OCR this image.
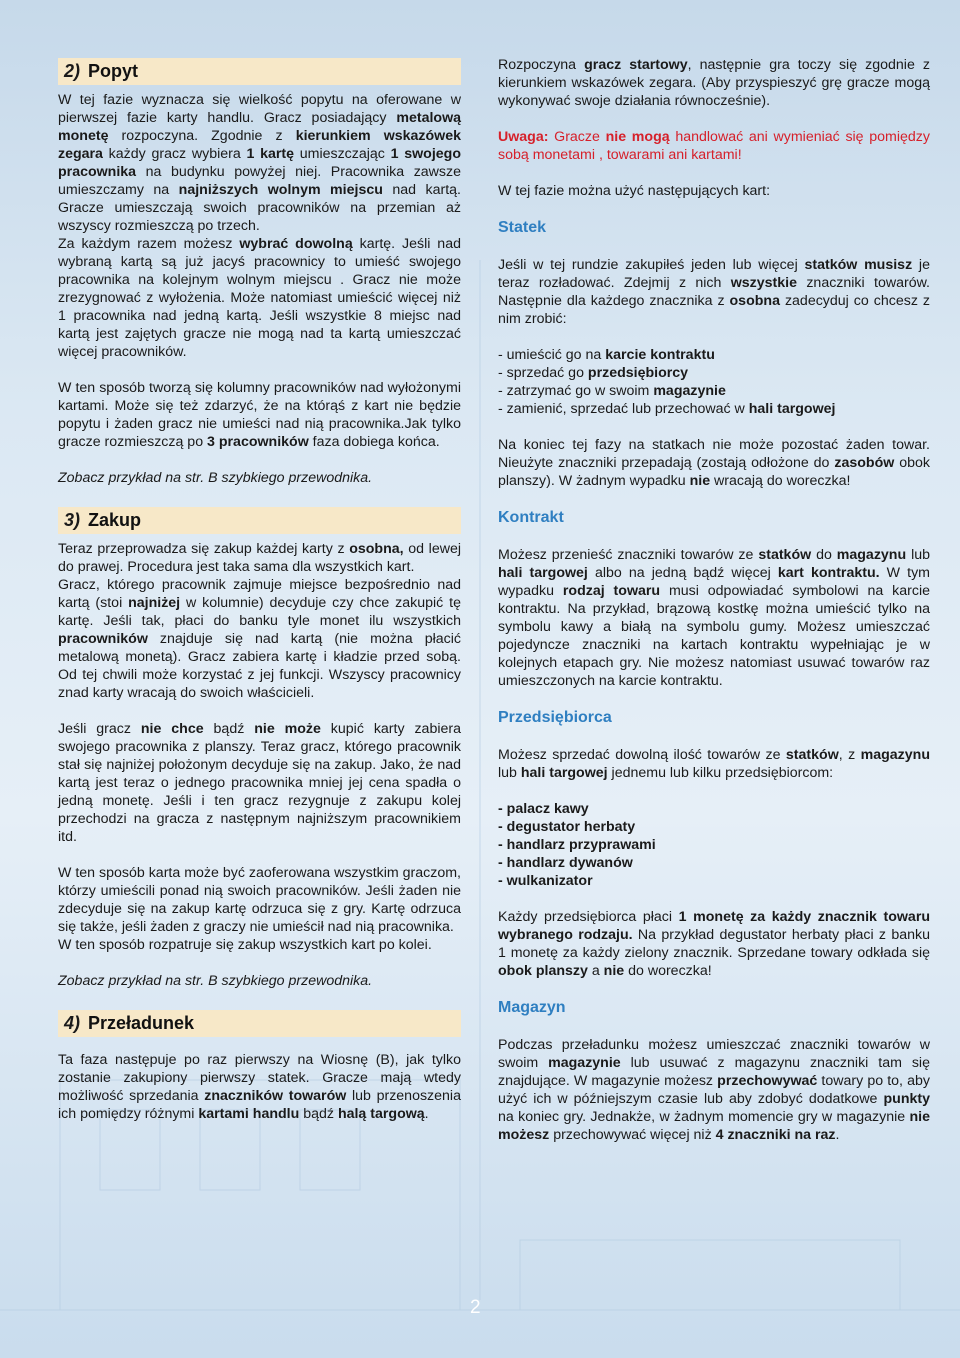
2) Popyt

W tej fazie wyznacza się wielkość popytu na oferowane w pierwszej fazie karty handlu. Gracz posiadający metalową monetę rozpoczyna. Zgodnie z kierunkiem wskazówek zegara każdy gracz wybiera 1 kartę umieszczając 1 swojego pracownika na budynku powyżej niej. Pracownika zawsze umieszczamy na najniższych wolnym miejscu nad kartą. Gracze umieszczają swoich pracowników na przemian aż wszyscy rozmieszczą po trzech.

Za każdym razem możesz wybrać dowolną kartę. Jeśli nad wybraną kartą są już jacyś pracownicy to umieść swojego pracownika na kolejnym wolnym miejscu . Gracz nie może zrezygnować z wyłożenia. Może natomiast umieścić więcej niż 1 pracownika nad jedną kartą. Jeśli wszystkie 8 miejsc nad kartą jest zajętych gracze nie mogą nad ta kartą umieszczać więcej pracowników.

W ten sposób tworzą się kolumny pracowników nad wyłożonymi kartami. Może się też zdarzyć, że na którąś z kart nie będzie popytu i żaden gracz nie umieści nad nią pracownika.Jak tylko gracze rozmieszczą po 3 pracowników faza dobiega końca.

Zobacz przykład na str. B szybkiego przewodnika.

3) Zakup

Teraz przeprowadza się zakup każdej karty z osobna, od lewej do prawej. Procedura jest taka sama dla wszystkich kart.

Gracz, którego pracownik zajmuje miejsce bezpośrednio nad kartą (stoi najniżej w kolumnie) decyduje czy chce zakupić tę kartę. Jeśli tak, płaci do banku tyle monet ilu wszystkich pracowników znajduje się nad kartą (nie można płacić metalową monetą). Gracz zabiera kartę i kładzie przed sobą. Od tej chwili może korzystać z jej funkcji. Wszyscy pracownicy znad karty wracają do swoich właścicieli.

Jeśli gracz nie chce bądź nie może kupić karty zabiera swojego pracownika z planszy. Teraz gracz, którego pracownik stał się najniżej położonym decyduje się na zakup. Jako, że nad kartą jest teraz o jednego pracownika mniej jej cena spadła o jedną monetę. Jeśli i ten gracz rezygnuje z zakupu kolej przechodzi na gracza z następnym najniższym pracownikiem itd.

W ten sposób karta może być zaoferowana wszystkim graczom, którzy umieścili ponad nią swoich pracowników. Jeśli żaden nie zdecyduje się na zakup kartę odrzuca się z gry. Kartę odrzuca się także, jeśli żaden z graczy nie umieścił nad nią pracownika.

W ten sposób rozpatruje się zakup wszystkich kart po kolei.

Zobacz przykład na str. B szybkiego przewodnika.

4) Przeładunek

Ta faza następuje po raz pierwszy na Wiosnę (B), jak tylko zostanie zakupiony pierwszy statek. Gracze mają wtedy możliwość sprzedania znaczników towarów lub przenoszenia ich pomiędzy różnymi kartami handlu bądź halą targową.

Rozpoczyna gracz startowy, następnie gra toczy się zgodnie z kierunkiem wskazówek zegara. (Aby przyspieszyć grę gracze mogą wykonywać swoje działania równocześnie).

Uwaga: Gracze nie mogą handlować ani wymieniać się pomiędzy sobą monetami , towarami ani kartami!

W tej fazie można użyć następujących kart:

Statek

Jeśli w tej rundzie zakupiłeś jeden lub więcej statków musisz je teraz rozładować. Zdejmij z nich wszystkie znaczniki towarów. Następnie dla każdego znacznika z osobna zadecyduj co chcesz z nim zrobić:

- umieścić go na karcie kontraktu
- sprzedać go przedsiębiorcy
- zatrzymać go w swoim magazynie
- zamienić, sprzedać lub przechować w hali targowej

Na koniec tej fazy na statkach nie może pozostać żaden towar. Nieużyte znaczniki przepadają (zostają odłożone do zasobów obok planszy). W żadnym wypadku nie wracają do woreczka!

Kontrakt

Możesz przenieść znaczniki towarów ze statków do magazynu lub hali targowej albo na jedną bądź więcej kart kontraktu. W tym wypadku rodzaj towaru musi odpowiadać symbolowi na karcie kontraktu. Na przykład, brązową kostkę można umieścić tylko na symbolu kawy a białą na symbolu gumy. Możesz umieszczać pojedyncze znaczniki na kartach kontraktu wypełniając je w kolejnych etapach gry. Nie możesz natomiast usuwać towarów raz umieszczonych na karcie kontraktu.

Przedsiębiorca

Możesz sprzedać dowolną ilość towarów ze statków, z magazynu lub hali targowej jednemu lub kilku przedsiębiorcom:

- palacz kawy
- degustator herbaty
- handlarz przyprawami
- handlarz dywanów
- wulkanizator

Każdy przedsiębiorca płaci 1 monetę za każdy znacznik towaru wybranego rodzaju. Na przykład degustator herbaty płaci z banku 1 monetę za każdy zielony znacznik. Sprzedane towary odkłada się obok planszy a nie do woreczka!

Magazyn

Podczas przeładunku możesz umieszczać znaczniki towarów w swoim magazynie lub usuwać z magazynu znaczniki tam się znajdujące. W magazynie możesz przechowywać towary po to, aby użyć ich w późniejszym czasie lub aby zdobyć dodatkowe punkty na koniec gry. Jednakże, w żadnym momencie gry w magazynie nie możesz przechowywać więcej niż 4 znaczniki na raz.

2
